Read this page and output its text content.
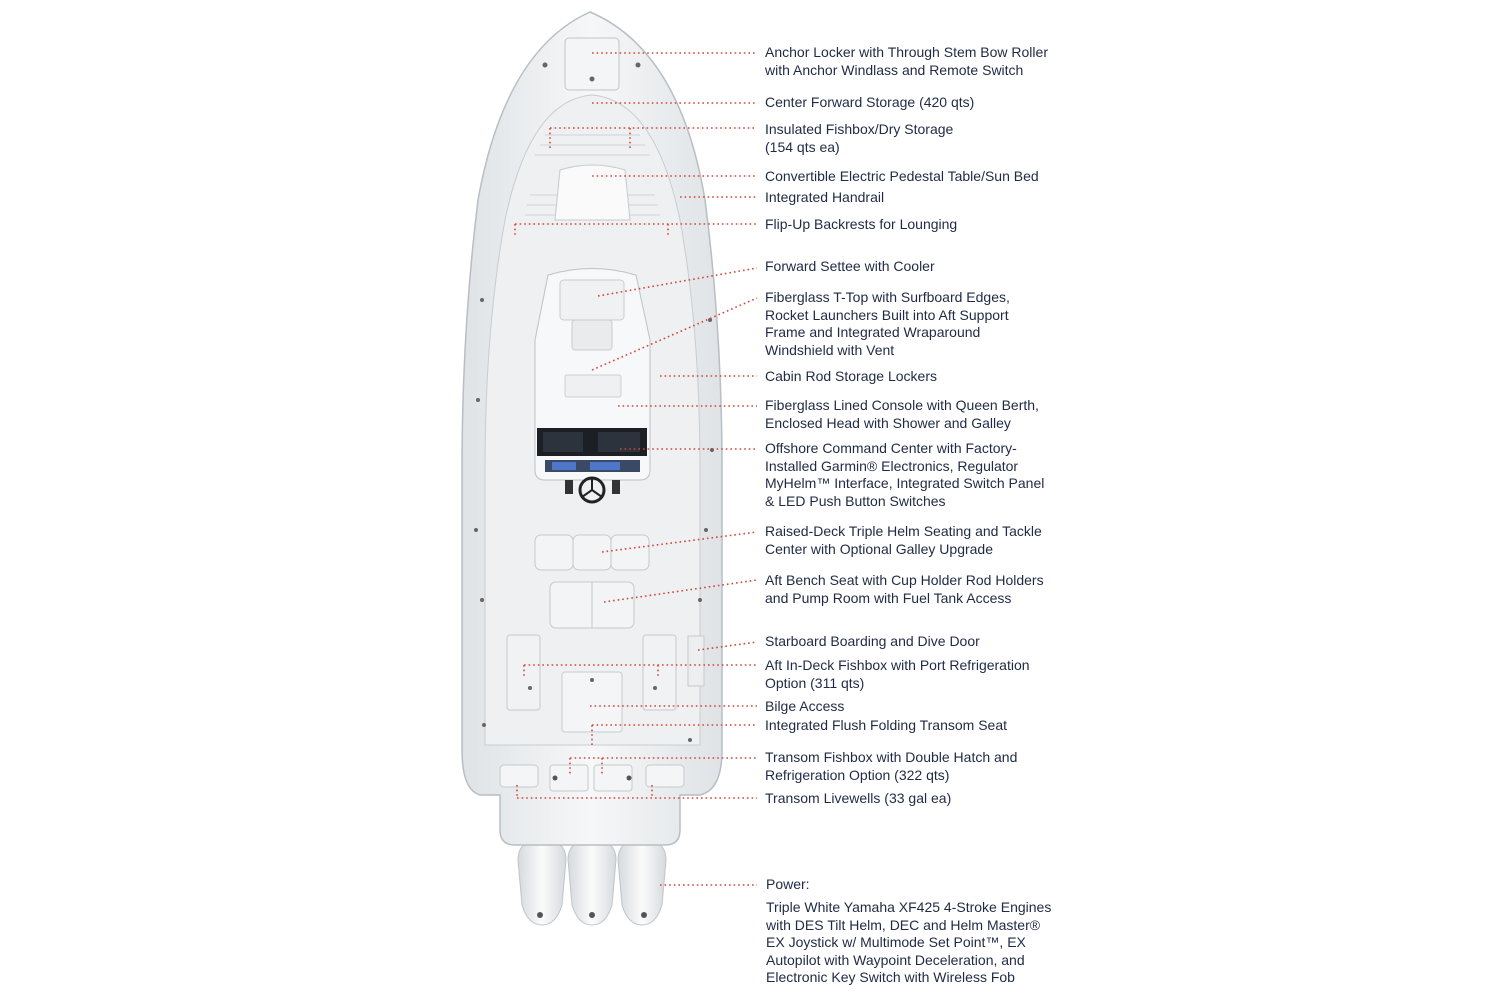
Anchor Locker with Through Stem Bow Roller
with Anchor Windlass and Remote Switch

Center Forward Storage (420 qts)

Insulated Fishbox/Dry Storage
(154 qts ea)

Convertible Electric Pedestal Table/Sun Bed

Integrated Handrail

Flip-Up Backrests for Lounging

Forward Settee with Cooler

Fiberglass T-Top with Surfboard Edges,
Rocket Launchers Built into Aft Support
Frame and Integrated Wraparound
Windshield with Vent

Cabin Rod Storage Lockers

Fiberglass Lined Console with Queen Berth,
Enclosed Head with Shower and Galley

Offshore Command Center with Factory-
Installed Garmin® Electronics, Regulator
MyHelm™ Interface, Integrated Switch Panel
& LED Push Button Switches

Raised-Deck Triple Helm Seating and Tackle
Center with Optional Galley Upgrade

Aft Bench Seat with Cup Holder Rod Holders
and Pump Room with Fuel Tank Access

Starboard Boarding and Dive Door

Aft In-Deck Fishbox with Port Refrigeration
Option (311 qts)

Bilge Access

Integrated Flush Folding Transom Seat

Transom Fishbox with Double Hatch and
Refrigeration Option (322 qts)

Transom Livewells (33 gal ea)

Power:

Triple White Yamaha XF425 4-Stroke Engines
with DES Tilt Helm, DEC and Helm Master®
EX Joystick w/ Multimode Set Point™, EX
Autopilot with Waypoint Deceleration, and
Electronic Key Switch with Wireless Fob
